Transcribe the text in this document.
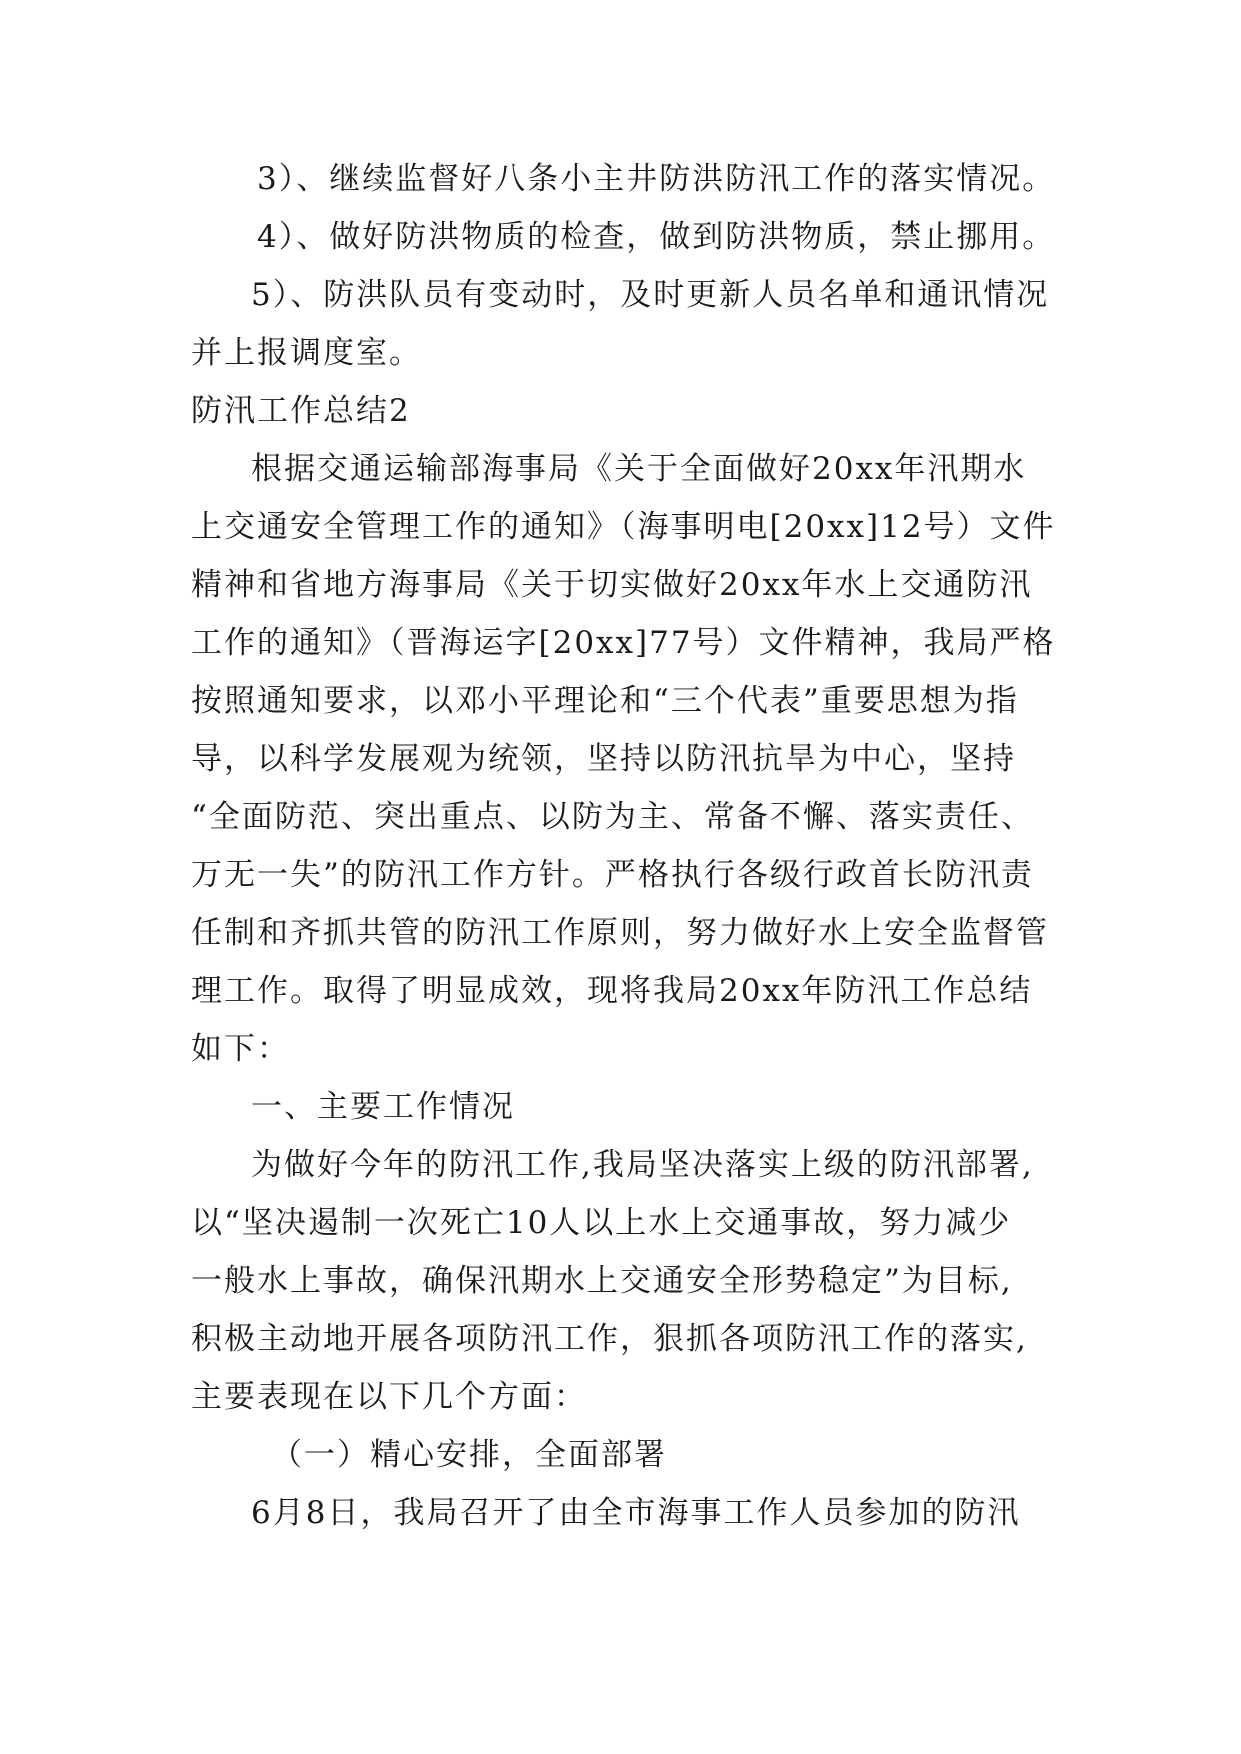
3）、继续监督好八条小主井防洪防汛工作的落实情况。

4）、做好防洪物质的检查，做到防洪物质，禁止挪用。

5）、防洪队员有变动时，及时更新人员名单和通讯情况

并上报调度室。

防汛工作总结2

根据交通运输部海事局《关于全面做好20xx年汛期水

上交通安全管理工作的通知》（海事明电[20xx]12号）文件

精神和省地方海事局《关于切实做好20xx年水上交通防汛

工作的通知》（晋海运字[20xx]77号）文件精神，我局严格

按照通知要求，以邓小平理论和“三个代表”重要思想为指

导，以科学发展观为统领，坚持以防汛抗旱为中心，坚持

“全面防范、突出重点、以防为主、常备不懈、落实责任、

万无一失”的防汛工作方针。严格执行各级行政首长防汛责

任制和齐抓共管的防汛工作原则，努力做好水上安全监督管

理工作。取得了明显成效，现将我局20xx年防汛工作总结

如下：

一、主要工作情况

为做好今年的防汛工作,我局坚决落实上级的防汛部署,

以“坚决遏制一次死亡10人以上水上交通事故，努力减少

一般水上事故，确保汛期水上交通安全形势稳定”为目标,

积极主动地开展各项防汛工作，狠抓各项防汛工作的落实,

主要表现在以下几个方面：

（一）精心安排，全面部署

6月8日，我局召开了由全市海事工作人员参加的防汛
